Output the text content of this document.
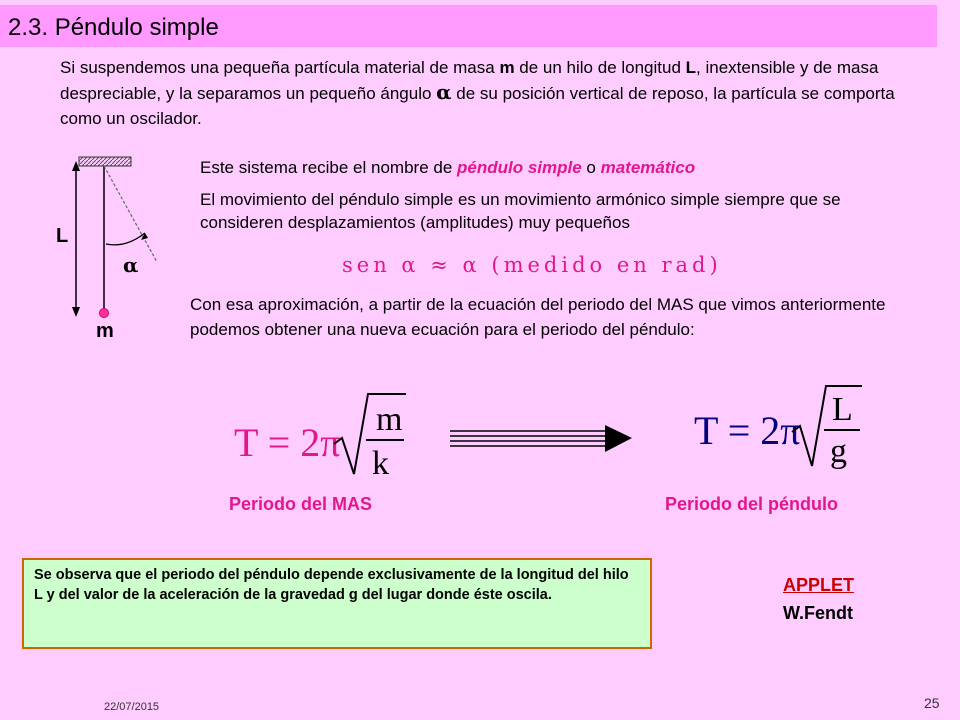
2.3. Péndulo simple
Si suspendemos una pequeña partícula material de masa m de un hilo de longitud L, inextensible y de masa despreciable, y la separamos un pequeño ángulo α de su posición vertical de reposo, la partícula se comporta como un oscilador.
L
α
m
Este sistema recibe el nombre de péndulo simple o matemático
El movimiento del péndulo simple es un movimiento armónico simple siempre que se consideren desplazamientos (amplitudes) muy pequeños
sen α ≈ α (medido en rad)
Con esa aproximación, a partir de la ecuación del periodo del MAS que vimos anteriormente podemos obtener una nueva ecuación para el periodo del péndulo:
T = 2π
m
k
T = 2π L
g
Periodo del MAS	Periodo del péndulo
Se observa que el periodo del péndulo depende exclusivamente de la longitud del hilo L y del valor de la aceleración de la gravedad g del lugar donde éste oscila.	APPLET
W.Fendt
22/07/2015	25
